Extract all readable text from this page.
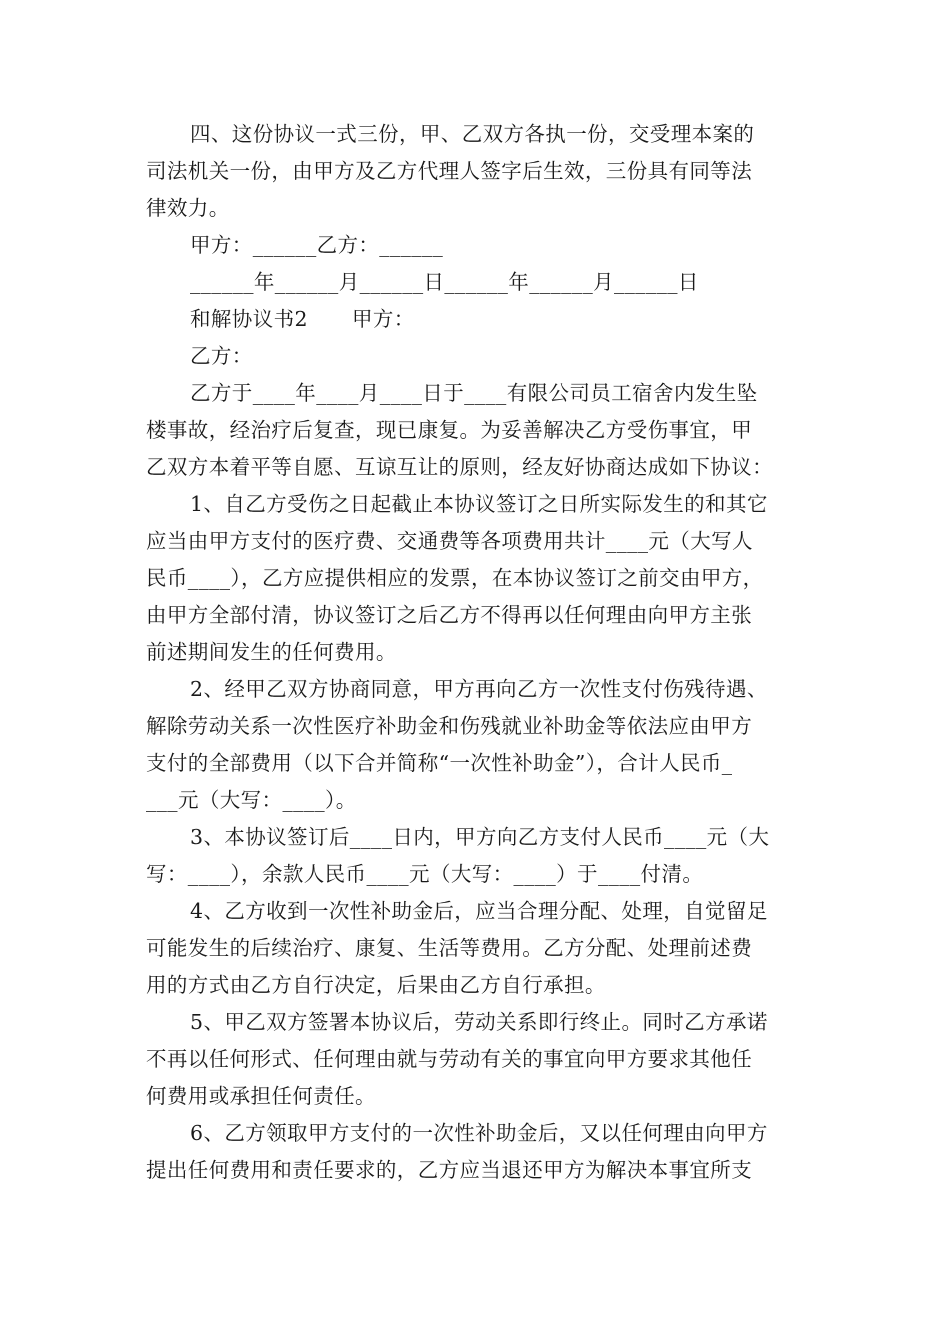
四、这份协议一式三份，甲、乙双方各执一份，交受理本案的
司法机关一份，由甲方及乙方代理人签字后生效，三份具有同等法
律效力。
甲方：______乙方：______
______年______月______日______年______月______日
和解协议书2 甲方：
乙方：
乙方于____年____月____日于____有限公司员工宿舍内发生坠
楼事故，经治疗后复查，现已康复。为妥善解决乙方受伤事宜，甲
乙双方本着平等自愿、互谅互让的原则，经友好协商达成如下协议：
1、自乙方受伤之日起截止本协议签订之日所实际发生的和其它
应当由甲方支付的医疗费、交通费等各项费用共计____元（大写人
民币____），乙方应提供相应的发票，在本协议签订之前交由甲方，
由甲方全部付清，协议签订之后乙方不得再以任何理由向甲方主张
前述期间发生的任何费用。
2、经甲乙双方协商同意，甲方再向乙方一次性支付伤残待遇、
解除劳动关系一次性医疗补助金和伤残就业补助金等依法应由甲方
支付的全部费用（以下合并简称“一次性补助金”），合计人民币_
___元（大写：____）。
3、本协议签订后____日内，甲方向乙方支付人民币____元（大
写：____），余款人民币____元（大写：____）于____付清。
4、乙方收到一次性补助金后，应当合理分配、处理，自觉留足
可能发生的后续治疗、康复、生活等费用。乙方分配、处理前述费
用的方式由乙方自行决定，后果由乙方自行承担。
5、甲乙双方签署本协议后，劳动关系即行终止。同时乙方承诺
不再以任何形式、任何理由就与劳动有关的事宜向甲方要求其他任
何费用或承担任何责任。
6、乙方领取甲方支付的一次性补助金后，又以任何理由向甲方
提出任何费用和责任要求的，乙方应当退还甲方为解决本事宜所支
